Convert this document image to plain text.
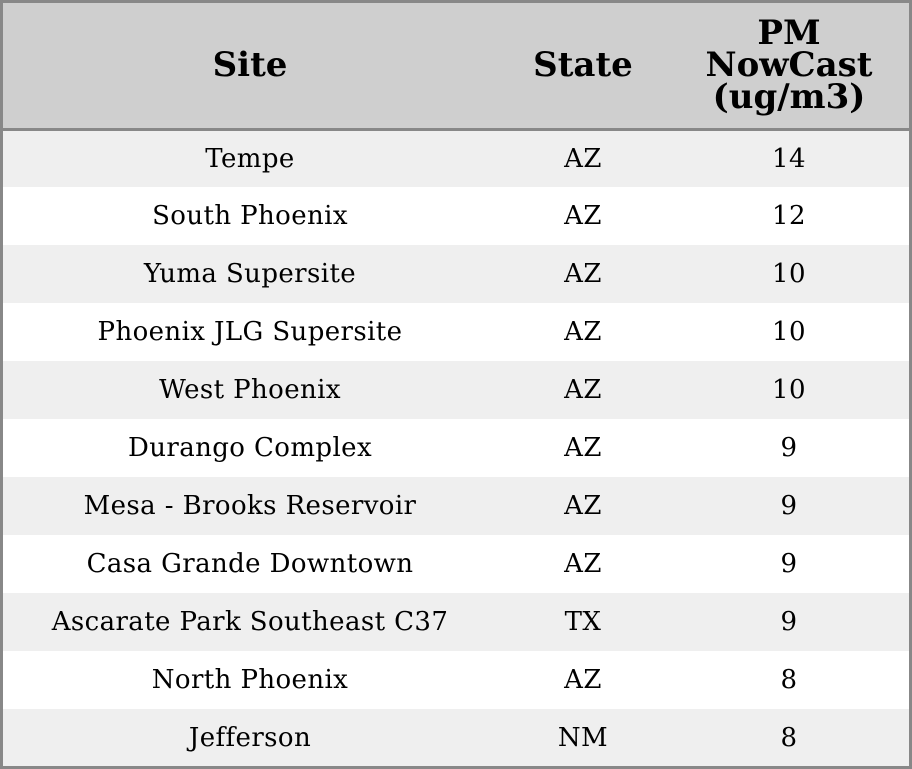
Site	State	PM NowCast (ug/m3)
Tempe	AZ	14
South Phoenix	AZ	12
Yuma Supersite	AZ	10
Phoenix JLG Supersite	AZ	10
West Phoenix	AZ	10
Durango Complex	AZ	9
Mesa - Brooks Reservoir	AZ	9
Casa Grande Downtown	AZ	9
Ascarate Park Southeast C37	TX	9
North Phoenix	AZ	8
Jefferson	NM	8
